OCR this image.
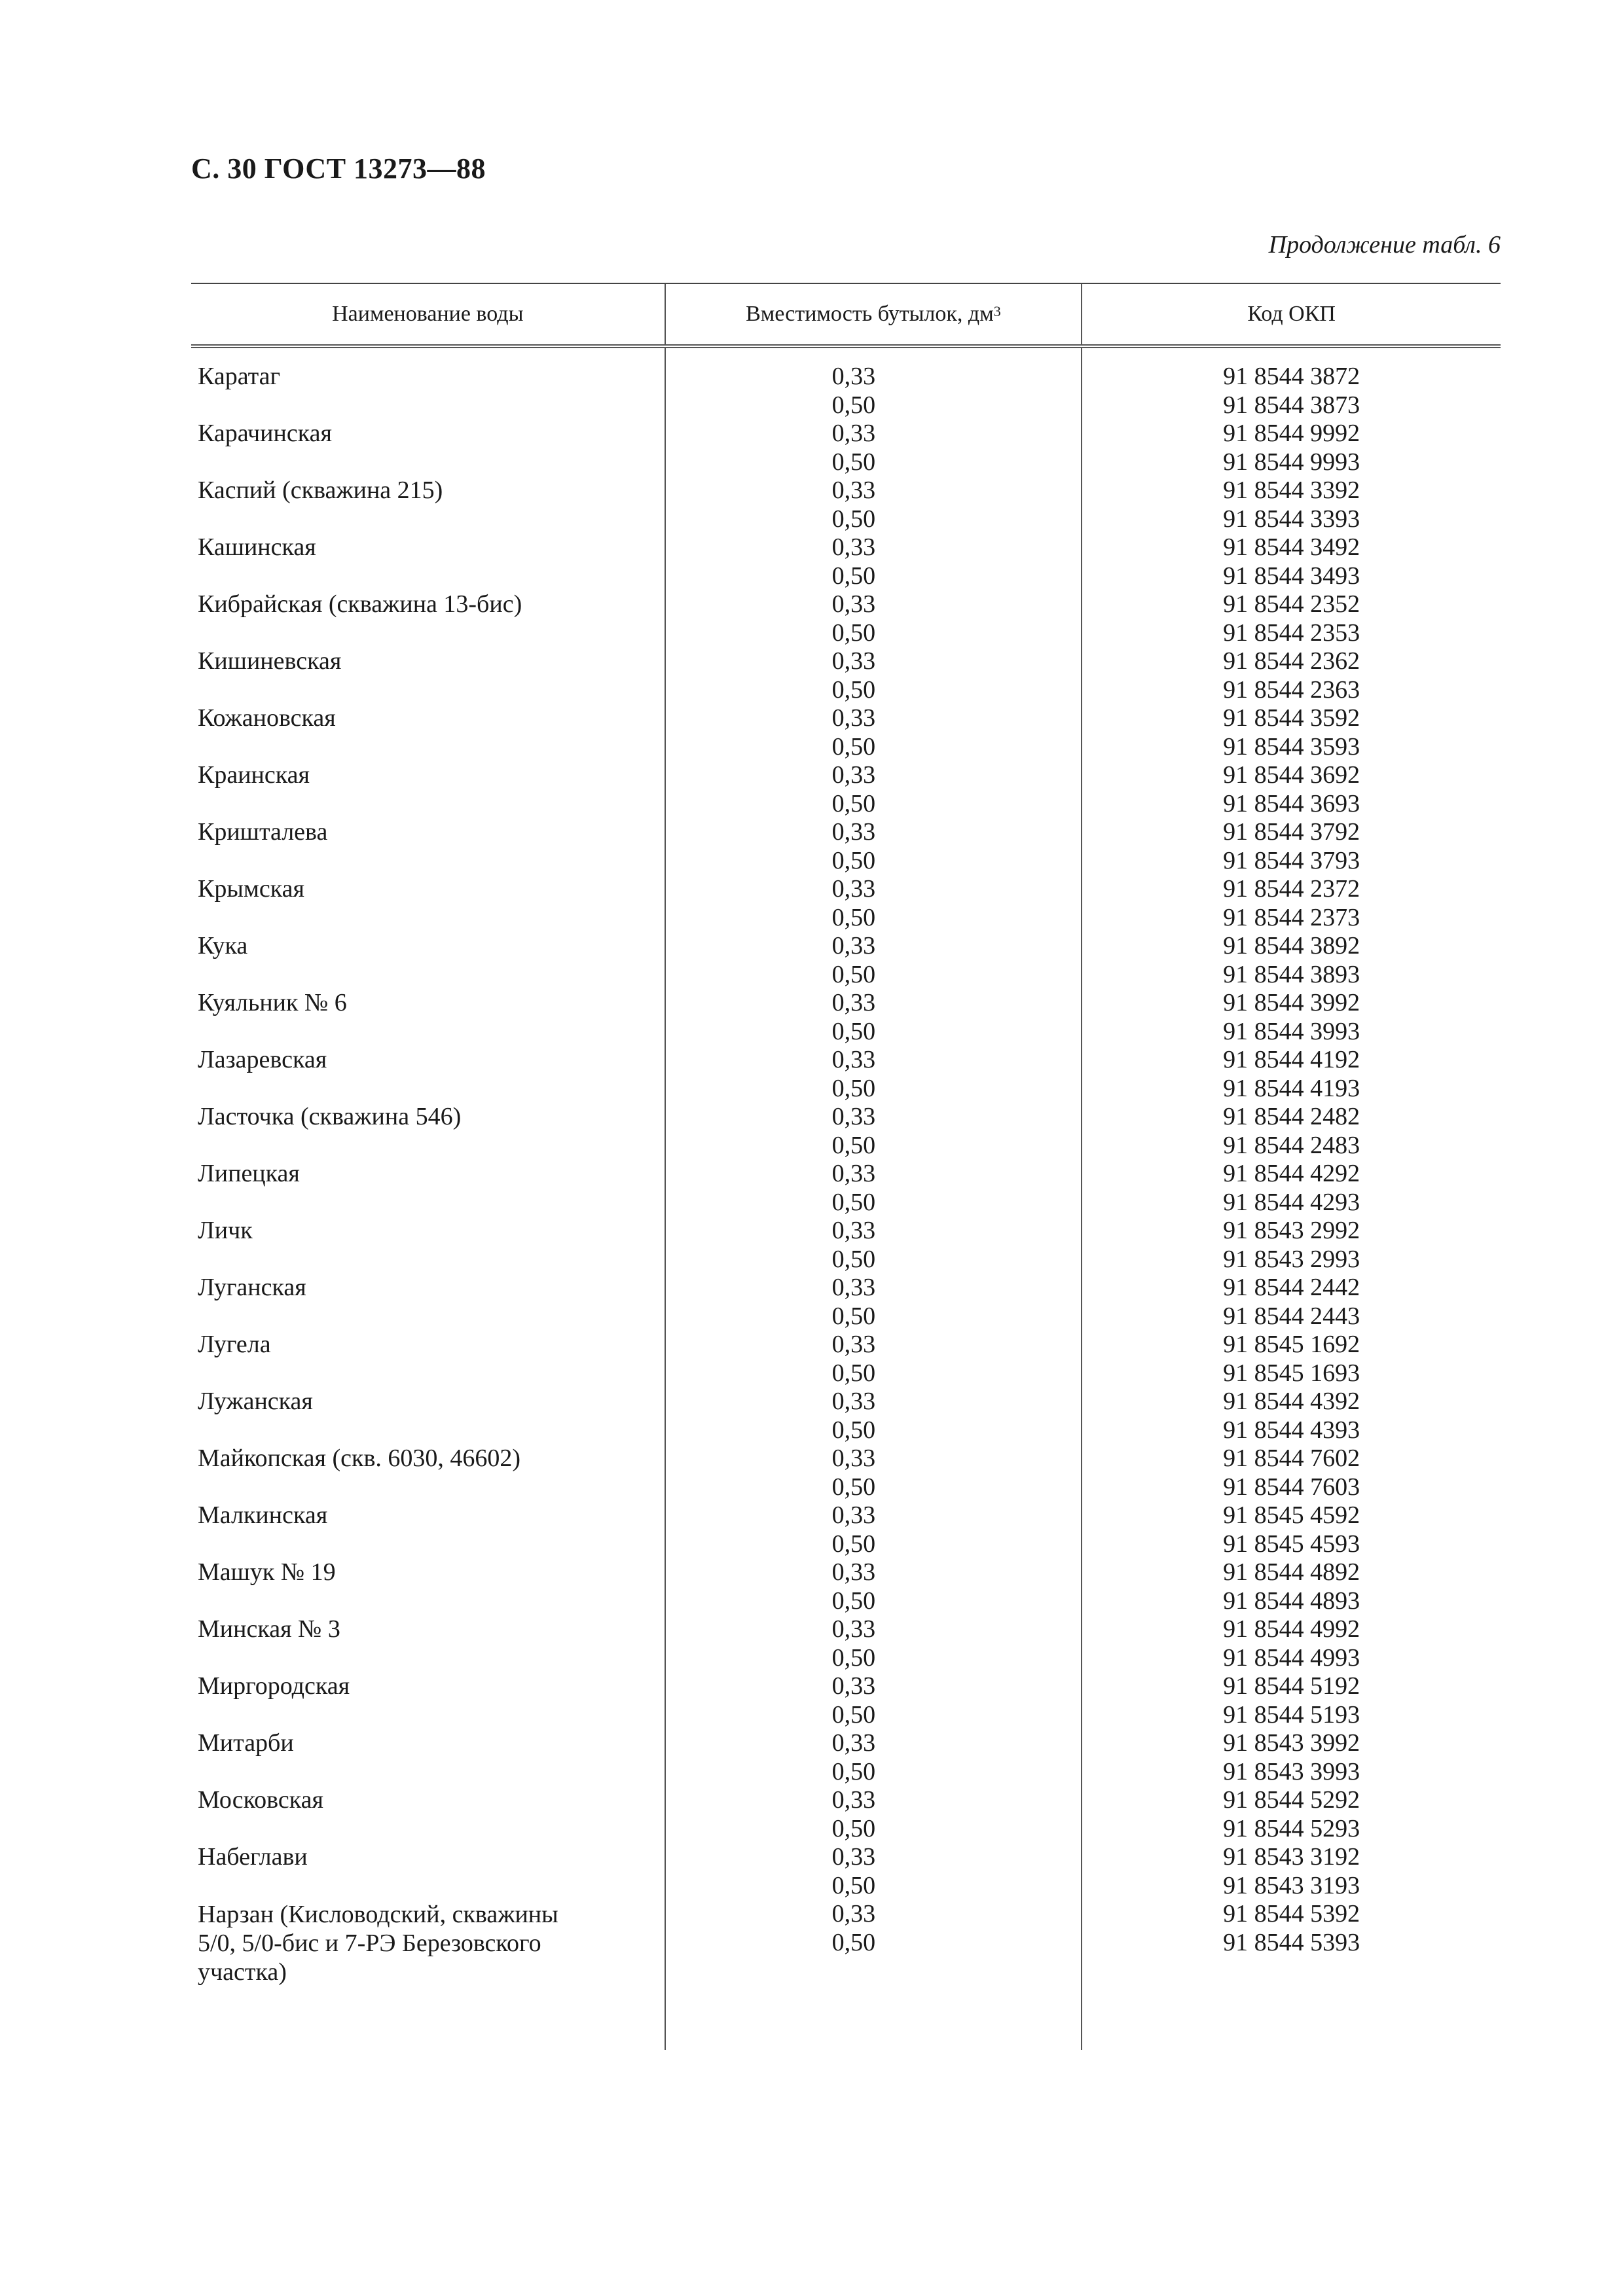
С. 30 ГОСТ 13273—88
Продолжение табл. 6
Наименование воды	Вместимость бутылок, $дм^3$	Код ОКП
Каратаг
Карачинская
Каспий (скважина 215)
Кашинская
Кибрайская (скважина 13-бис)
Кишиневская
Кожановская
Краинская
Кришталева
Крымская
Кука
Куяльник № 6
Лазаревская
Ласточка (скважина 546)
Липецкая
Личк
Луганская
Лугела
Лужанская
Майкопская (скв. 6030, 46602)
Малкинская
Машук № 19
Минская № 3
Миргородская
Митарби
Московская
Набеглави
Нарзан (Кисловодский, скважины 5/0, 5/0-бис и 7-РЭ Березовского участка)
0,33
0,50
0,33
0,50
0,33
0,50
0,33
0,50
0,33
0,50
0,33
0,50
0,33
0,50
0,33
0,50
0,33
0,50
0,33
0,50
0,33
0,50
0,33
0,50
0,33
0,50
0,33
0,50
0,33
0,50
0,33
0,50
0,33
0,50
0,33
0,50
0,33
0,50
0,33
0,50
0,33
0,50
0,33
0,50
0,33
0,50
0,33
0,50
0,33
0,50
0,33
0,50
0,33
0,50
0,33
0,50
91 8544 3872
91 8544 3873
91 8544 9992
91 8544 9993
91 8544 3392
91 8544 3393
91 8544 3492
91 8544 3493
91 8544 2352
91 8544 2353
91 8544 2362
91 8544 2363
91 8544 3592
91 8544 3593
91 8544 3692
91 8544 3693
91 8544 3792
91 8544 3793
91 8544 2372
91 8544 2373
91 8544 3892
91 8544 3893
91 8544 3992
91 8544 3993
91 8544 4192
91 8544 4193
91 8544 2482
91 8544 2483
91 8544 4292
91 8544 4293
91 8543 2992
91 8543 2993
91 8544 2442
91 8544 2443
91 8545 1692
91 8545 1693
91 8544 4392
91 8544 4393
91 8544 7602
91 8544 7603
91 8545 4592
91 8545 4593
91 8544 4892
91 8544 4893
91 8544 4992
91 8544 4993
91 8544 5192
91 8544 5193
91 8543 3992
91 8543 3993
91 8544 5292
91 8544 5293
91 8543 3192
91 8543 3193
91 8544 5392
91 8544 5393
